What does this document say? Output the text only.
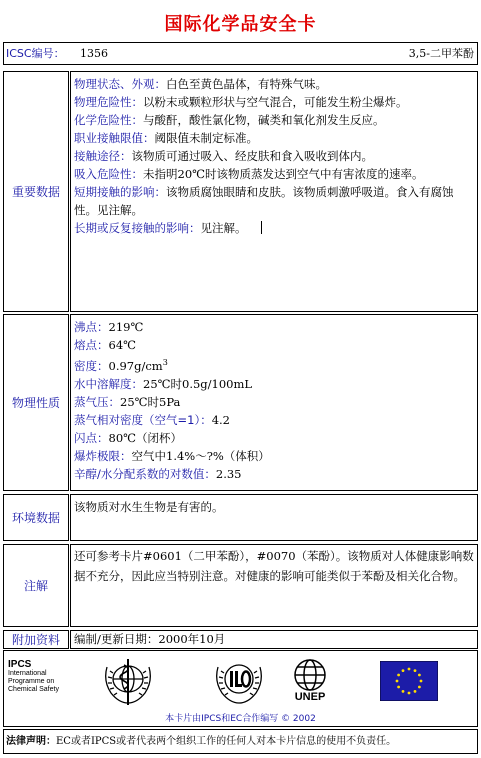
国际化学品安全卡
ICSC编号： 1356	3,5-二甲苯酚
重要数据

物理状态、外观：白色至黄色晶体，有特殊气味。

物理危险性：以粉末或颗粒形状与空气混合，可能发生粉尘爆炸。

化学危险性：与酸酐，酸性氯化物，碱类和氧化剂发生反应。

职业接触限值：阈限值未制定标准。

接触途径：该物质可通过吸入、经皮肤和食入吸收到体内。

吸入危险性：未指明20℃时该物质蒸发达到空气中有害浓度的速率。

短期接触的影响：该物质腐蚀眼睛和皮肤。该物质刺激呼吸道。食入有腐蚀性。见注解。

长期或反复接触的影响：见注解。

物理性质

沸点：219℃

熔点：64℃

密度：$0.97g/cm^3$

水中溶解度：25℃时0.5g/100mL

蒸气压：25℃时5Pa

蒸气相对密度（空气=1）：4.2

闪点：80℃（闭杯）

爆炸极限：空气中1.4%～?%（体积）

辛醇/水分配系数的对数值：2.35

环境数据

该物质对水生生物是有害的。

注解

还可参考卡片#0601（二甲苯酚），#0070（苯酚）。该物质对人体健康影响数据不充分，因此应当特别注意。对健康的影响可能类似于苯酚及相关化合物。

附加资料	编制/更新日期：2000年10月

IPCS
International
Programme on
Chemical Safety
UNEP
本卡片由IPCS和EC合作编写 © 2002
法律声明：EC或者IPCS或者代表两个组织工作的任何人对本卡片信息的使用不负责任。
